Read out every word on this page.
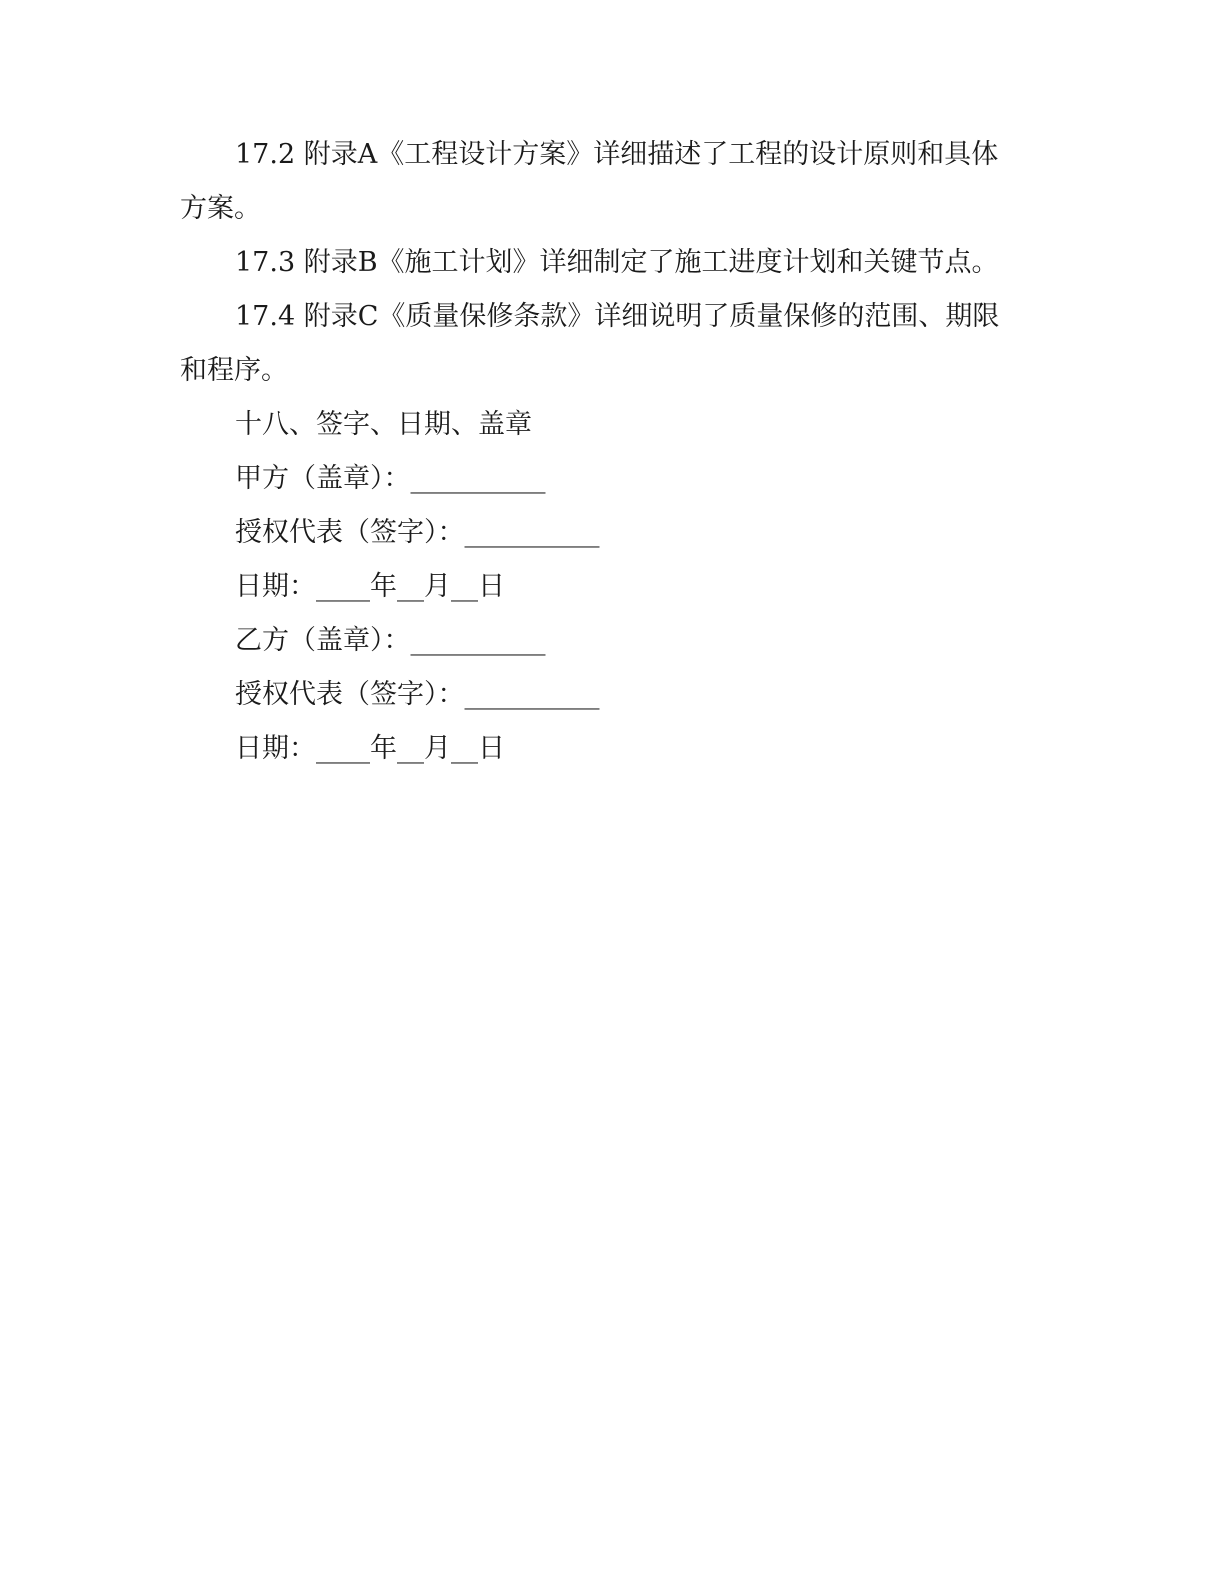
17.2 附录A《工程设计方案》详细描述了工程的设计原则和具体方案。

17.3 附录B《施工计划》详细制定了施工进度计划和关键节点。

17.4 附录C《质量保修条款》详细说明了质量保修的范围、期限和程序。

十八、签字、日期、盖章

甲方（盖章）：__________

授权代表（签字）：__________

日期：____年__月__日

乙方（盖章）：__________

授权代表（签字）：__________

日期：____年__月__日
